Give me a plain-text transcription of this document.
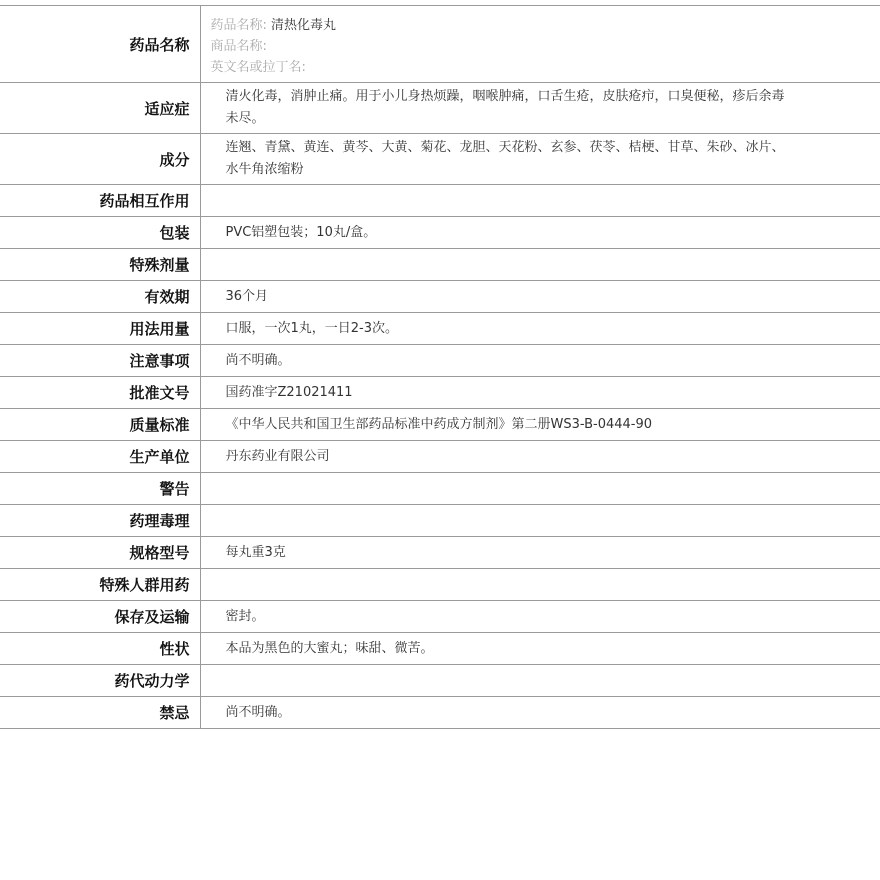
药品名称	药品名称: 清热化毒丸
商品名称:
英文名或拉丁名:

适应症	清火化毒，消肿止痛。用于小儿身热烦躁，咽喉肿痛，口舌生疮，皮肤疮疖，口臭便秘，疹后余毒未尽。
成分	连翘、青黛、黄连、黄芩、大黄、菊花、龙胆、天花粉、玄参、茯苓、桔梗、甘草、朱砂、冰片、水牛角浓缩粉
药品相互作用	
包装	PVC铝塑包装；10丸/盒。
特殊剂量	
有效期	36个月
用法用量	口服，一次1丸，一日2-3次。
注意事项	尚不明确。
批准文号	国药准字Z21021411
质量标准	《中华人民共和国卫生部药品标准中药成方制剂》第二册WS3-B-0444-90
生产单位	丹东药业有限公司
警告	
药理毒理	
规格型号	每丸重3克
特殊人群用药	
保存及运输	密封。
性状	本品为黑色的大蜜丸；味甜、微苦。
药代动力学	
禁忌	尚不明确。
